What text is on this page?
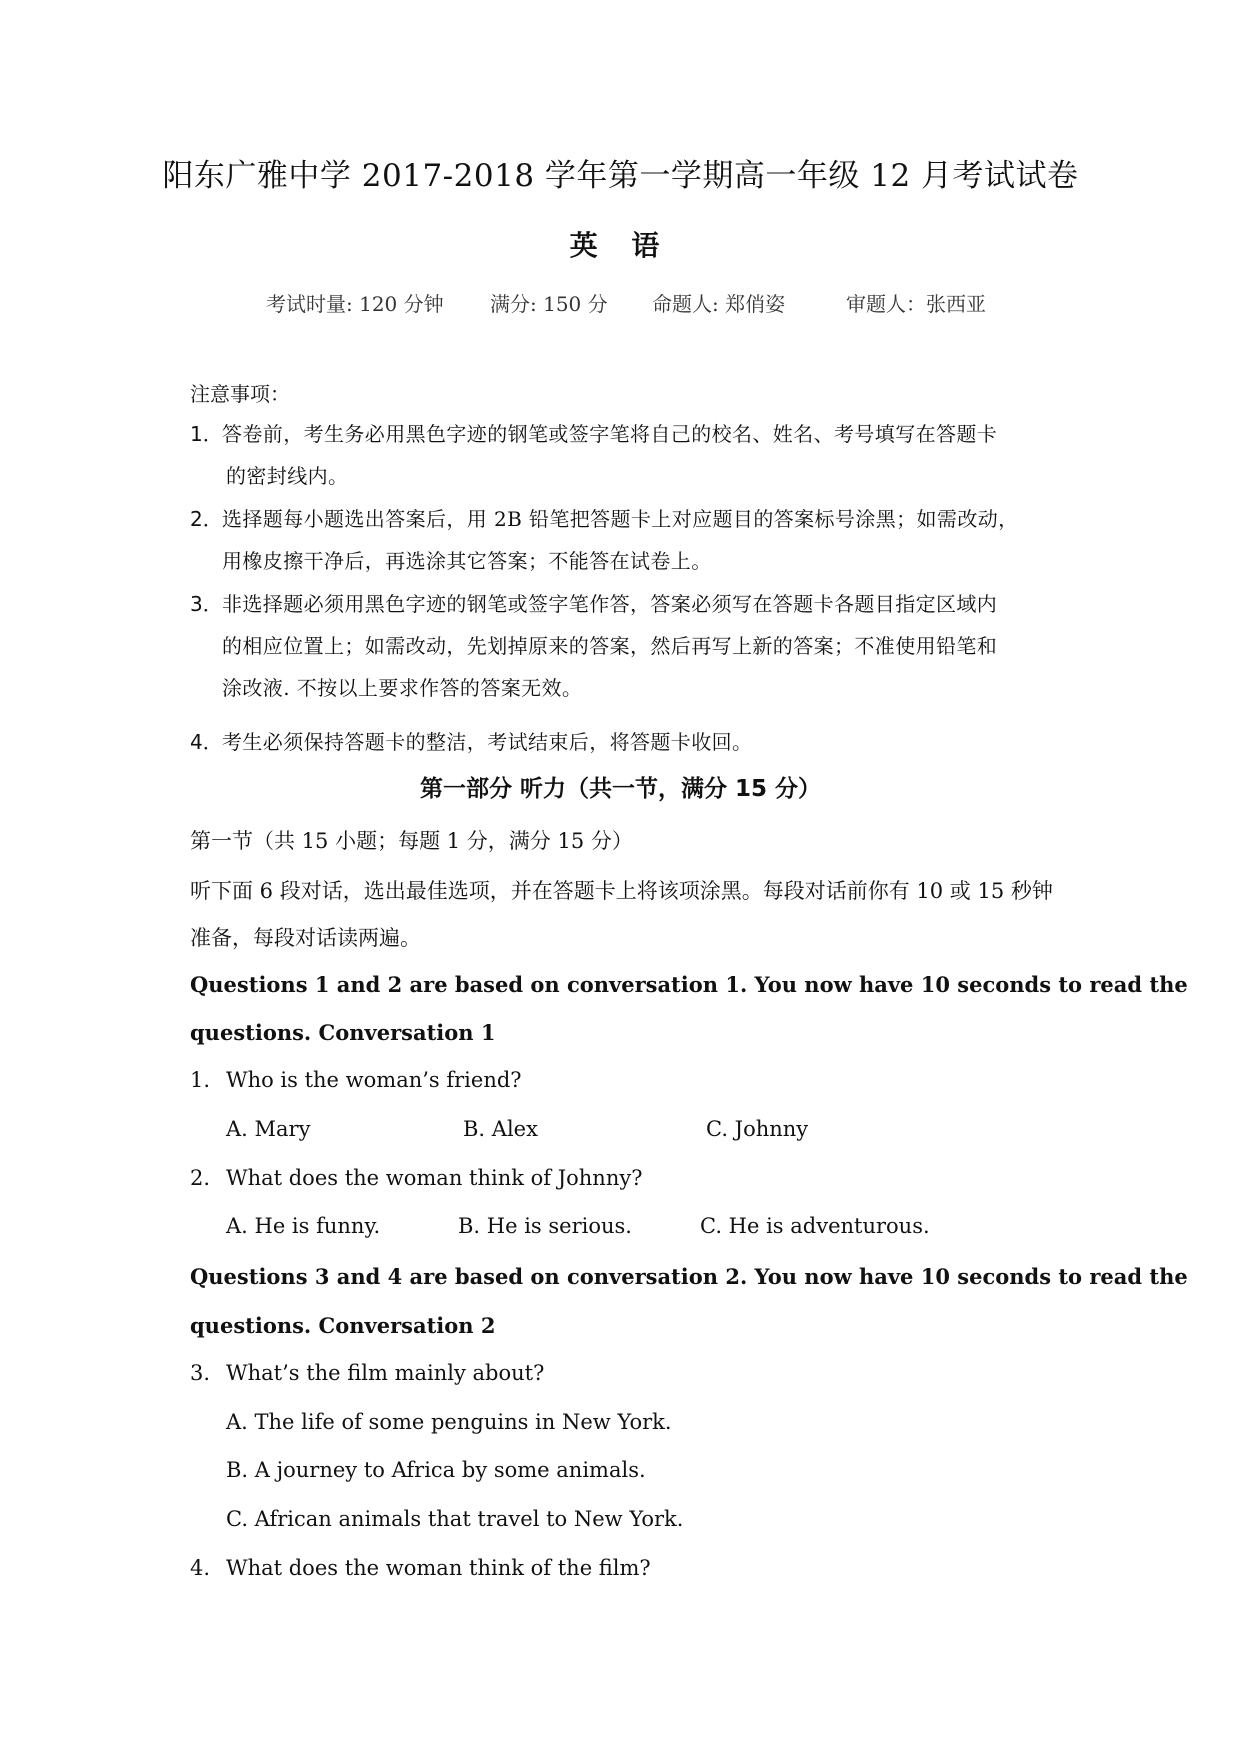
阳东广雅中学 2017-2018 学年第一学期高一年级 12 月考试试卷
英 语
考试时量: 120 分钟 满分: 150 分 命题人: 郑俏姿	审题人：张西亚
注意事项：
1． 答卷前，考生务必用黑色字迹的钢笔或签字笔将自己的校名、姓名、考号填写在答题卡
的密封线内。
2． 选择题每小题选出答案后，用 2B 铅笔把答题卡上对应题目的答案标号涂黑；如需改动，
用橡皮擦干净后，再选涂其它答案；不能答在试卷上。
3． 非选择题必须用黑色字迹的钢笔或签字笔作答，答案必须写在答题卡各题目指定区域内
的相应位置上；如需改动，先划掉原来的答案，然后再写上新的答案；不准使用铅笔和
涂改液. 不按以上要求作答的答案无效。
4． 考生必须保持答题卡的整洁，考试结束后，将答题卡收回。
第一部分 听力（共一节，满分 15 分）
第一节（共 15 小题；每题 1 分，满分 15 分）
听下面 6 段对话，选出最佳选项，并在答题卡上将该项涂黑。每段对话前你有 10 或 15 秒钟
准备，每段对话读两遍。
Questions 1 and 2 are based on conversation 1. You now have 10 seconds to read the
questions. Conversation 1
1. Who is the woman’s friend?
A. Mary	B. Alex	C. Johnny
2. What does the woman think of Johnny?
A. He is funny.	B. He is serious.	C. He is adventurous.
Questions 3 and 4 are based on conversation 2. You now have 10 seconds to read the
questions. Conversation 2
3. What’s the film mainly about?
A. The life of some penguins in New York.
B. A journey to Africa by some animals.
C. African animals that travel to New York.
4. What does the woman think of the film?
